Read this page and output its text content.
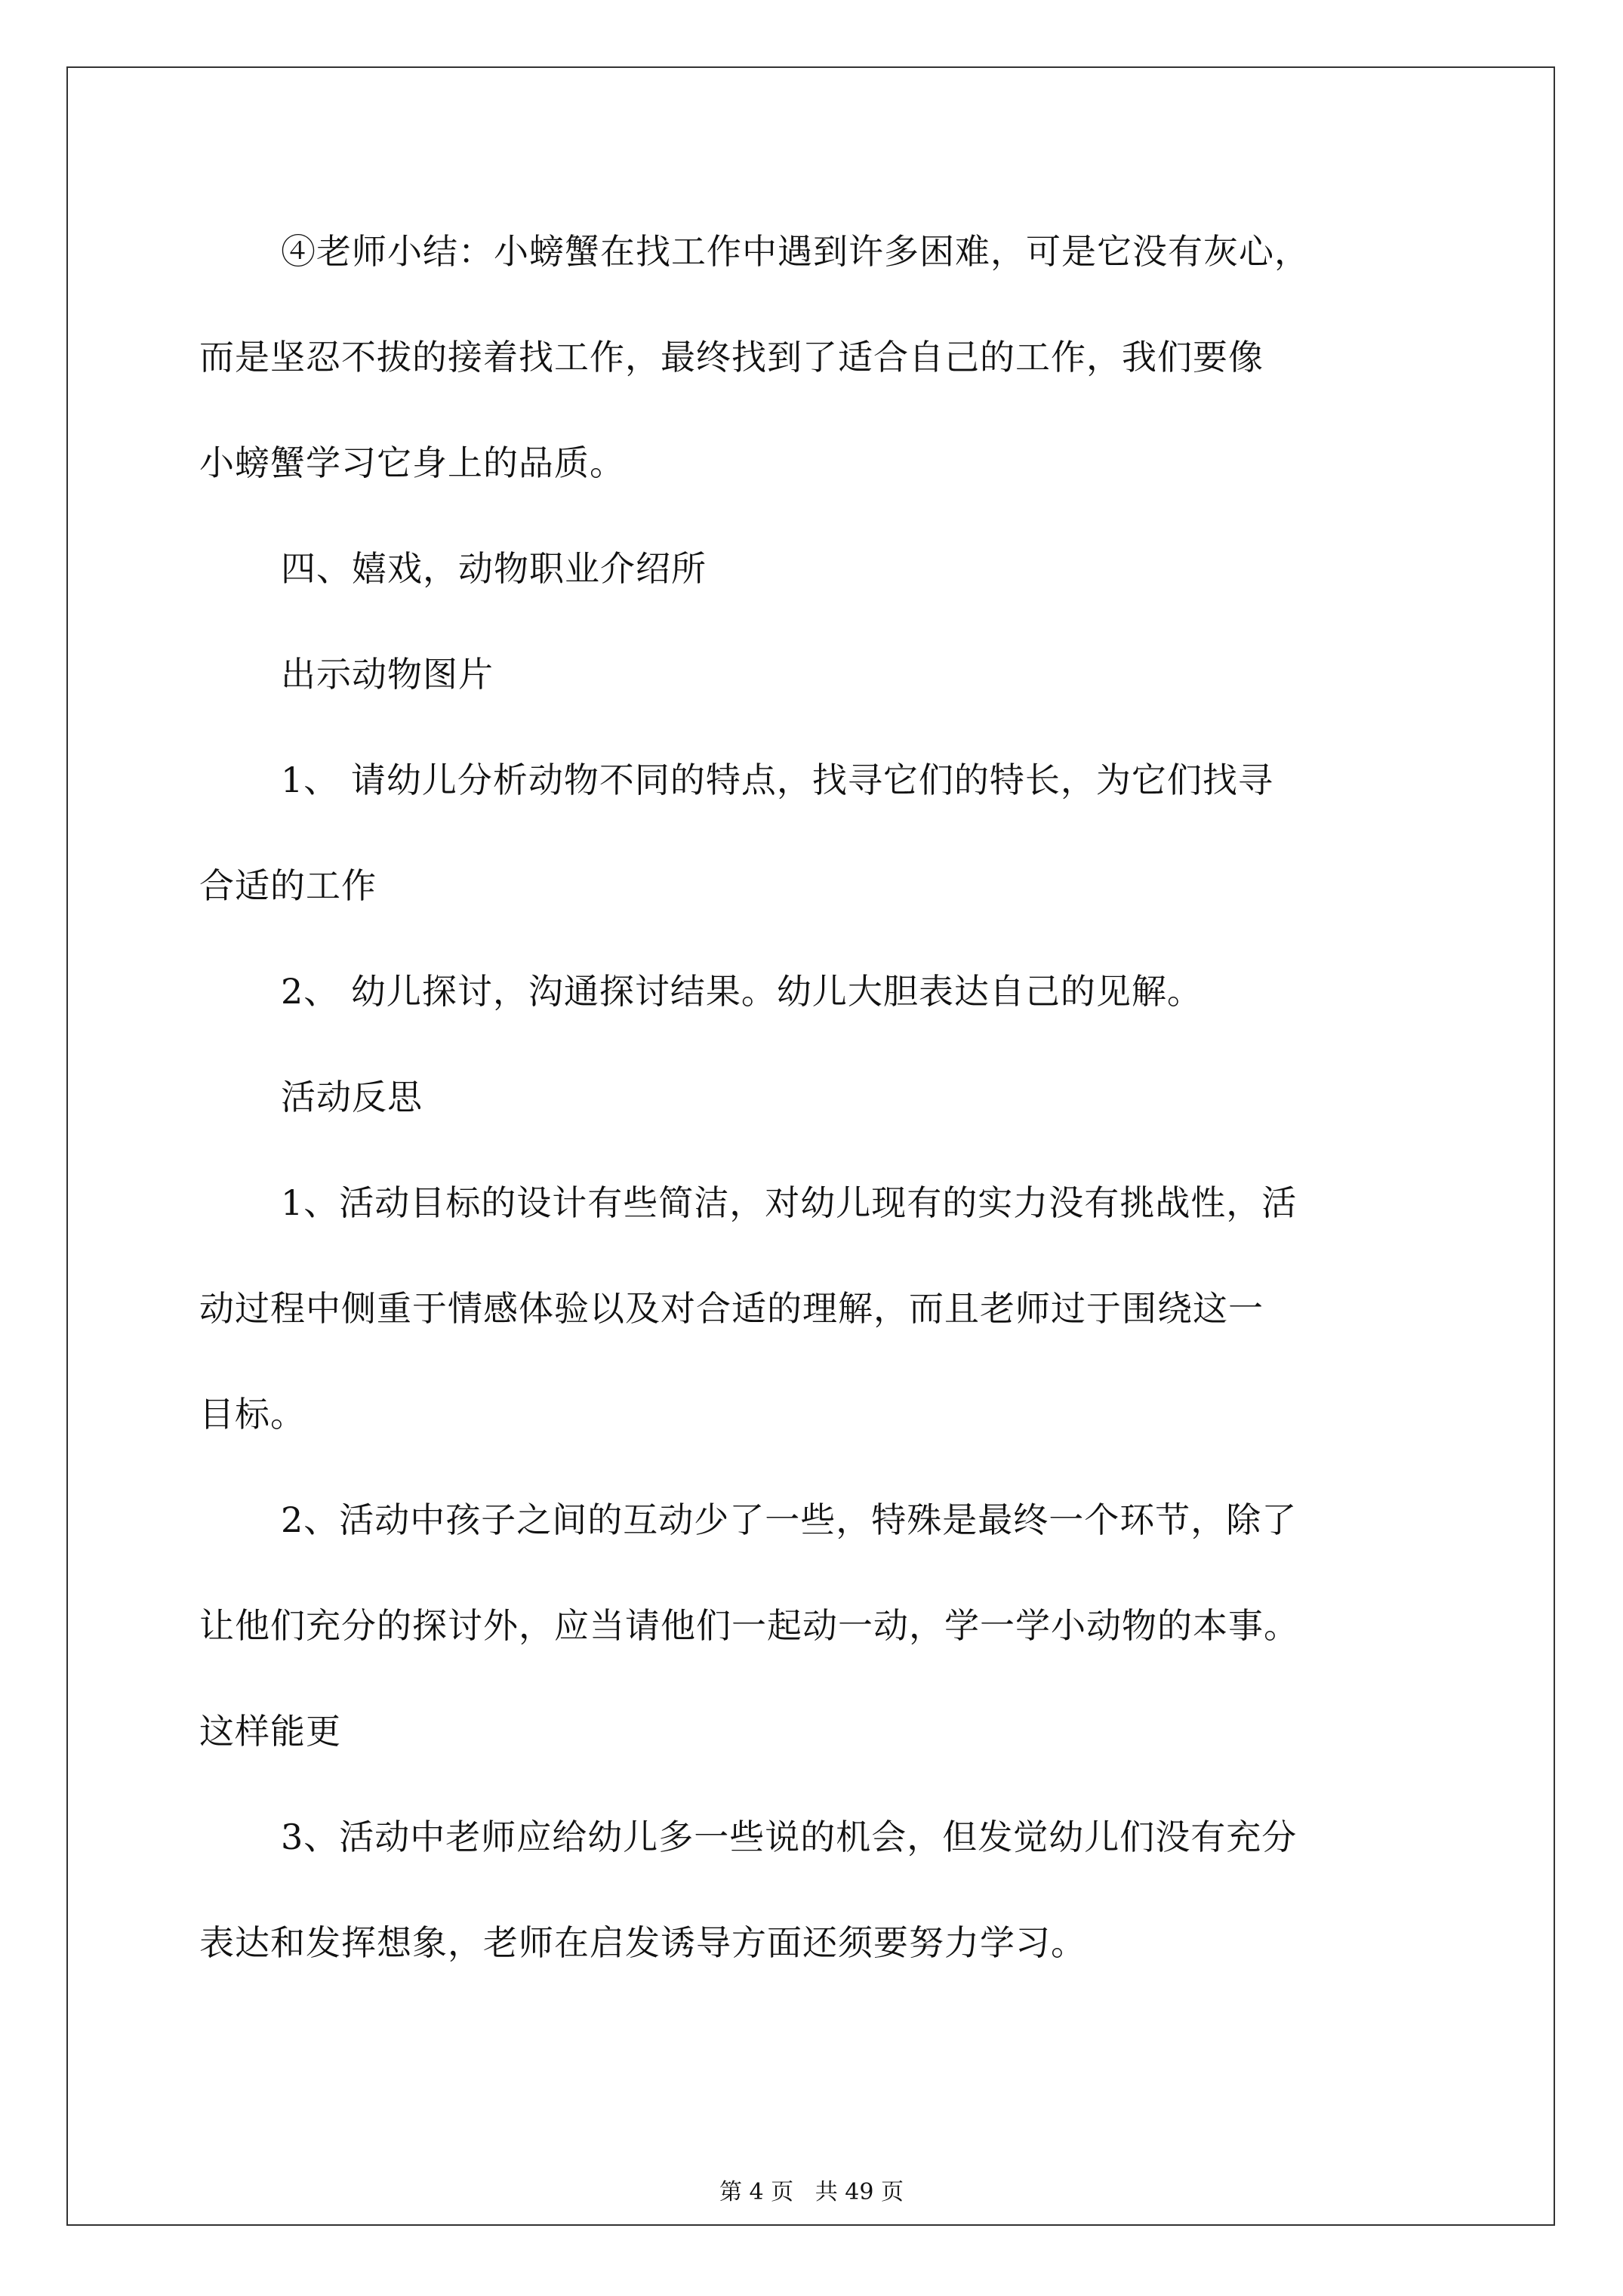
④老师小结：小螃蟹在找工作中遇到许多困难，可是它没有灰心，
而是坚忍不拔的接着找工作，最终找到了适合自己的工作，我们要像
小螃蟹学习它身上的品质。
四、嬉戏，动物职业介绍所
出示动物图片
1、 请幼儿分析动物不同的特点，找寻它们的特长，为它们找寻
合适的工作
2、 幼儿探讨，沟通探讨结果。幼儿大胆表达自己的见解。
活动反思
1、活动目标的设计有些简洁，对幼儿现有的实力没有挑战性，活
动过程中侧重于情感体验以及对合适的理解，而且老师过于围绕这一
目标。
2、活动中孩子之间的互动少了一些，特殊是最终一个环节，除了
让他们充分的探讨外，应当请他们一起动一动，学一学小动物的本事。
这样能更
3、活动中老师应给幼儿多一些说的机会，但发觉幼儿们没有充分
表达和发挥想象，老师在启发诱导方面还须要努力学习。
第 4 页   共 49 页
